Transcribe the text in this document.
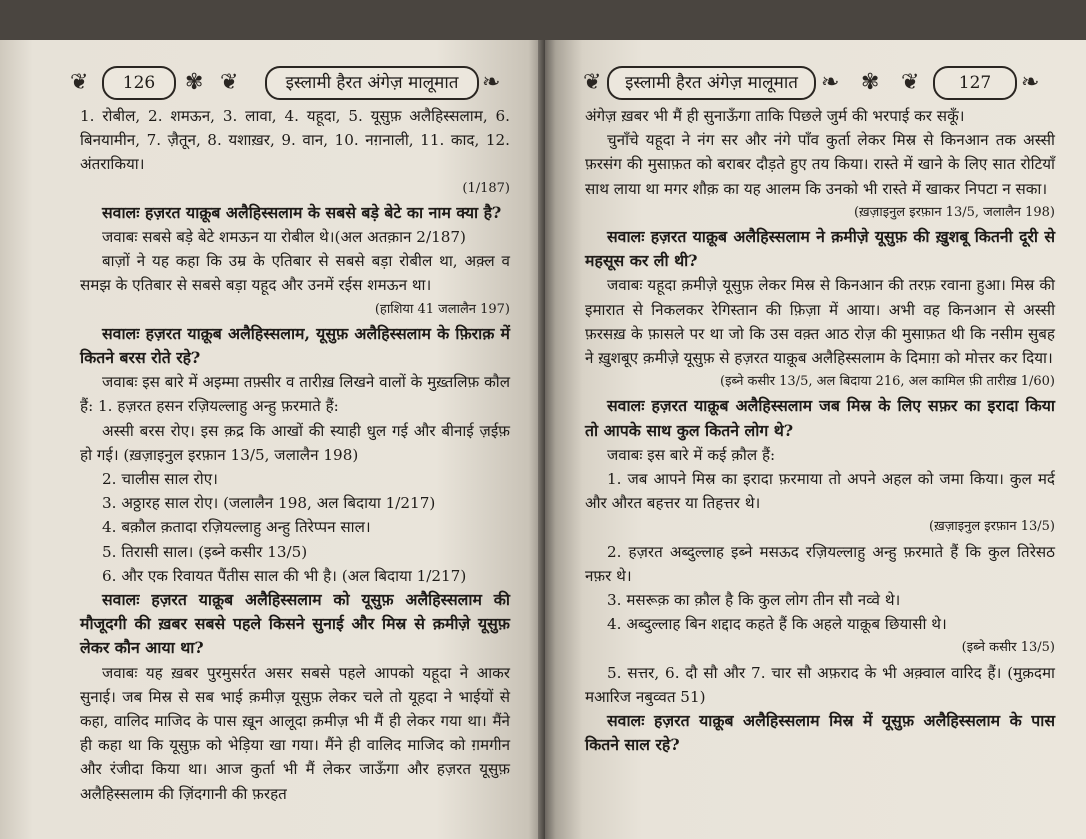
❦	126	✾ ❦	इस्लामी हैरत अंगेज़ मालूमात	❧

1. रोबील, 2. शमऊन, 3. लावा, 4. यहूदा, 5. यूसुफ़ अलैहिस्सलाम, 6. बिनयामीन, 7. ज़ैतून, 8. यशाख़र, 9. वान, 10. नग़नाली, 11. काद, 12. अंतराकिया।

(1/187)

सवालः हज़रत याक़ूब अलैहिस्सलाम के सबसे बड़े बेटे का नाम क्या है?

जवाबः सबसे बड़े बेटे शमऊन या रोबील थे।(अल अतक़ान 2/187)

बाज़ों ने यह कहा कि उम्र के एतिबार से सबसे बड़ा रोबील था, अक़्ल व समझ के एतिबार से सबसे बड़ा यहूद और उनमें रईस शमऊन था।

(हाशिया 41 जलालैन 197)

सवालः हज़रत याक़ूब अलैहिस्सलाम, यूसुफ़ अलैहिस्सलाम के फ़िराक़ में कितने बरस रोते रहे?

जवाबः इस बारे में अइम्मा तफ़्सीर व तारीख़ लिखने वालों के मुख़्तलिफ़ कौल हैं: 1. हज़रत हसन रज़ियल्लाहु अन्हु फ़रमाते हैं:

अस्सी बरस रोए। इस क़द्र कि आखों की स्याही धुल गई और बीनाई ज़ईफ़ हो गई। (ख़ज़ाइनुल इरफ़ान 13/5, जलालैन 198)

2. चालीस साल रोए।

3. अठ्ठारह साल रोए। (जलालैन 198, अल बिदाया 1/217)

4. बक़ौल क़तादा रज़ियल्लाहु अन्हु तिरेप्पन साल।

5. तिरासी साल। (इब्ने कसीर 13/5)

6. और एक रिवायत पैंतीस साल की भी है। (अल बिदाया 1/217)

सवालः हज़रत याक़ूब अलैहिस्सलाम को यूसुफ़ अलैहिस्सलाम की मौजूदगी की ख़बर सबसे पहले किसने सुनाई और मिस्र से क़मीज़े यूसुफ़ लेकर कौन आया था?

जवाबः यह ख़बर पुरमुसर्रत असर सबसे पहले आपको यहूदा ने आकर सुनाई। जब मिस्र से सब भाई क़मीज़ यूसुफ़ लेकर चले तो यूहदा ने भाईयों से कहा, वालिद माजिद के पास ख़ून आलूदा क़मीज़ भी मैं ही लेकर गया था। मैंने ही कहा था कि यूसुफ़ को भेड़िया खा गया। मैंने ही वालिद माजिद को ग़मगीन और रंजीदा किया था। आज कुर्ता भी मैं लेकर जाऊँगा और हज़रत यूसुफ़ अलैहिस्सलाम की ज़िंदगानी की फ़रहत

❦	इस्लामी हैरत अंगेज़ मालूमात	❧ ✾ ❦	127	❧

अंगेज़ ख़बर भी मैं ही सुनाऊँगा ताकि पिछले जुर्म की भरपाई कर सकूँ।

चुनाँचे यहूदा ने नंग सर और नंगे पाँव कुर्ता लेकर मिस्र से किनआन तक अस्सी फ़रसंग की मुसाफ़त को बराबर दौड़ते हुए तय किया। रास्ते में खाने के लिए सात रोटियाँ साथ लाया था मगर शौक़ का यह आलम कि उनको भी रास्ते में खाकर निपटा न सका।

(ख़ज़ाइनुल इरफ़ान 13/5, जलालैन 198)

सवालः हज़रत याक़ूब अलैहिस्सलाम ने क़मीज़े यूसुफ़ की ख़ुशबू कितनी दूरी से महसूस कर ली थी?

जवाबः यहूदा क़मीज़े यूसुफ़ लेकर मिस्र से किनआन की तरफ़ रवाना हुआ। मिस्र की इमारात से निकलकर रेगिस्तान की फ़िज़ा में आया। अभी वह किनआन से अस्सी फ़रसख़ के फ़ासले पर था जो कि उस वक़्त आठ रोज़ की मुसाफ़त थी कि नसीम सुबह ने ख़ुशबूए क़मीज़े यूसुफ़ से हज़रत याक़ूब अलैहिस्सलाम के दिमाग़ को मोत्तर कर दिया।

(इब्ने कसीर 13/5, अल बिदाया 216, अल कामिल फ़ी तारीख़ 1/60)

सवालः हज़रत याक़ूब अलैहिस्सलाम जब मिस्र के लिए सफ़र का इरादा किया तो आपके साथ कुल कितने लोग थे?

जवाबः इस बारे में कई क़ौल हैं:

1. जब आपने मिस्र का इरादा फ़रमाया तो अपने अहल को जमा किया। कुल मर्द और औरत बहत्तर या तिहत्तर थे।

(ख़ज़ाइनुल इरफ़ान 13/5)

2. हज़रत अब्दुल्लाह इब्ने मसऊद रज़ियल्लाहु अन्हु फ़रमाते हैं कि कुल तिरेसठ नफ़र थे।

3. मसरूक़ का क़ौल है कि कुल लोग तीन सौ नव्वे थे।

4. अब्दुल्लाह बिन शद्दाद कहते हैं कि अहले याक़ूब छियासी थे।

(इब्ने कसीर 13/5)

5. सत्तर, 6. दौ सौ और 7. चार सौ अफ़राद के भी अक़्वाल वारिद हैं। (मुक़दमा मआरिज नबुव्वत 51)

सवालः हज़रत याक़ूब अलैहिस्सलाम मिस्र में यूसुफ़ अलैहिस्सलाम के पास कितने साल रहे?
